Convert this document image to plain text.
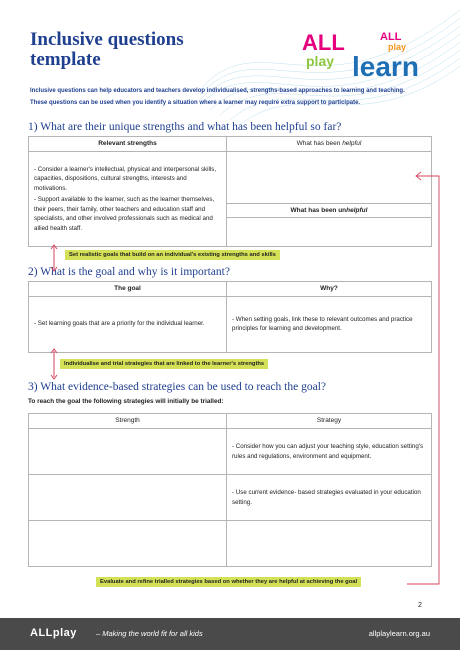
Inclusive questions
template
ALL
play
ALL
play
learn
Inclusive questions can help educators and teachers develop individualised, strengths-based approaches to learning and teaching.
These questions can be used when you identify a situation where a learner may require extra support to participate.
1) What are their unique strengths and what has been helpful so far?
Relevant strengths	What has been helpful

- Consider a learner's intellectual, physical and interpersonal skills, capacities, dispositions, cultural strengths, interests and motivations.

- Support available to the learner, such as the learner themselves, their peers, their family, other teachers and education staff and specialists, and other involved professionals such as medical and allied health staff.	

	What has been unhelpful

Set realistic goals that build on an individual's existing strengths and skills
2) What is the goal and why is it important?
The goal	Why?

- Set learning goals that are a priority for the individual learner.	- When setting goals, link these to relevant outcomes and practice principles for learning and development.

Individualise and trial strategies that are linked to the learner's strengths
3) What evidence-based strategies can be used to reach the goal?
To reach the goal the following strategies will initially be trialled:
Strength	Strategy

	- Consider how you can adjust your teaching style, education setting's rules and regulations, environment and equipment.

	- Use current evidence- based strategies evaluated in your education setting.

Evaluate and refine trialled strategies based on whether they are helpful at achieving the goal
2
ALLplay	– Making the world fit for all kids	allplaylearn.org.au
